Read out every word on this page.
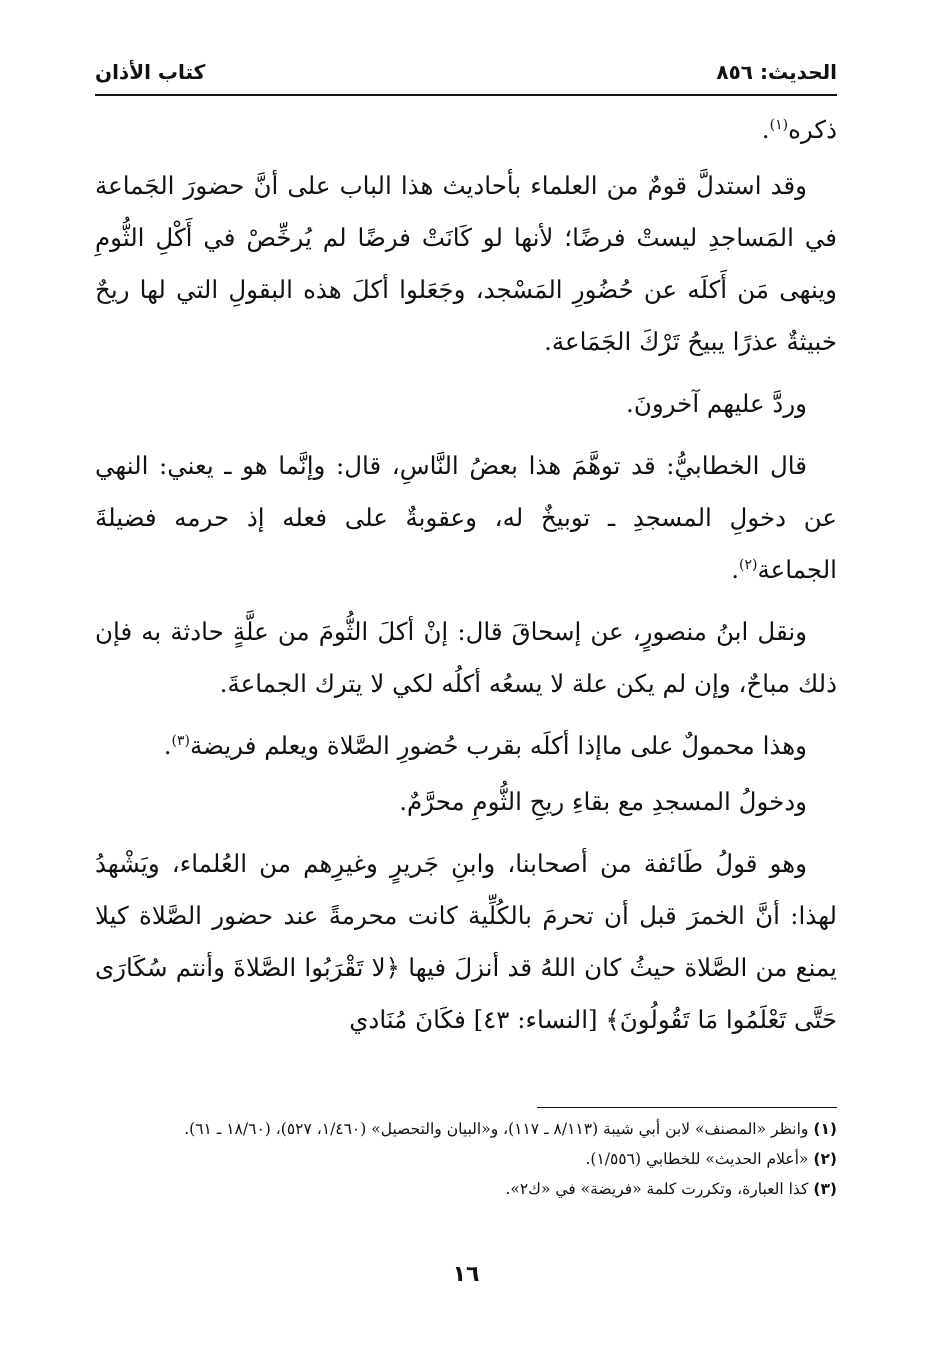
الحديث: ٨٥٦
كتاب الأذان

ذكره$^{(١)}$.

وقد استدلَّ قومٌ من العلماء بأحاديث هذا الباب على أنَّ حضورَ الجَماعة في المَساجدِ ليستْ فرضًا؛ لأنها لو كَانَتْ فرضًا لم يُرخِّصْ في أَكْلِ الثُّومِ وينهى مَن أَكلَه عن حُضُورِ المَسْجد، وجَعَلوا أكلَ هذه البقولِ التي لها ريحٌ خبيثةٌ عذرًا يبيحُ تَرْكَ الجَمَاعة.

وردَّ عليهم آخرونَ.

قال الخطابيُّ: قد توهَّمَ هذا بعضُ النَّاسِ، قال: وإنَّما هو ـ يعني: النهي عن دخولِ المسجدِ ـ توبيخٌ له، وعقوبةٌ على فعله إذ حرمه فضيلةَ الجماعة$^{(٢)}$.

ونقل ابنُ منصورٍ، عن إسحاقَ قال: إنْ أكلَ الثُّومَ من علَّةٍ حادثة به فإن ذلك مباحٌ، وإن لم يكن علة لا يسعُه أكلُه لكي لا يترك الجماعةَ.

وهذا محمولٌ على ماإذا أكلَه بقرب حُضورِ الصَّلاة ويعلم فريضة$^{(٣)}$.

ودخولُ المسجدِ مع بقاءِ ريحِ الثُّومِ محرَّمٌ.

وهو قولُ طَائفة من أصحابنا، وابنِ جَريرٍ وغيرِهم من العُلماء، ويَشْهدُ لهذا: أنَّ الخمرَ قبل أن تحرمَ بالكُلِّية كانت محرمةً عند حضور الصَّلاة كيلا يمنع من الصَّلاة حيثُ كان اللهُ قد أنزلَ فيها ﴿لا تَقْرَبُوا الصَّلاةَ وأنتم سُكَارَى حَتَّى تَعْلَمُوا مَا تَقُولُونَ﴾ [النساء: ٤٣] فكَانَ مُنَادي

(١) وانظر «المصنف» لابن أبي شيبة (٨/١١٣ ـ ١١٧)، و«البيان والتحصيل» (١/٤٦٠، ٥٢٧)، (١٨/٦٠ ـ ٦١).
(٢) «أعلام الحديث» للخطابي (١/٥٥٦).
(٣) كذا العبارة، وتكررت كلمة «فريضة» في «ك٢».
١٦
